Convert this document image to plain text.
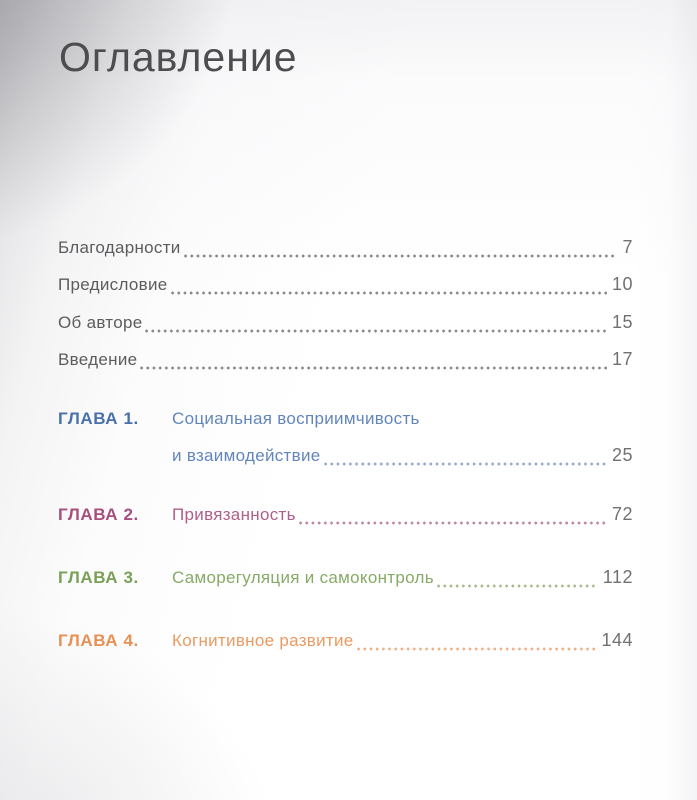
Оглавление
Благодарности	7
Предисловие	10
Об авторе	15
Введение	17
ГЛАВА 1.	Социальная восприимчивость
и взаимодействие	25
ГЛАВА 2.	Привязанность	72
ГЛАВА 3.	Саморегуляция и самоконтроль	112
ГЛАВА 4.	Когнитивное развитие	144
